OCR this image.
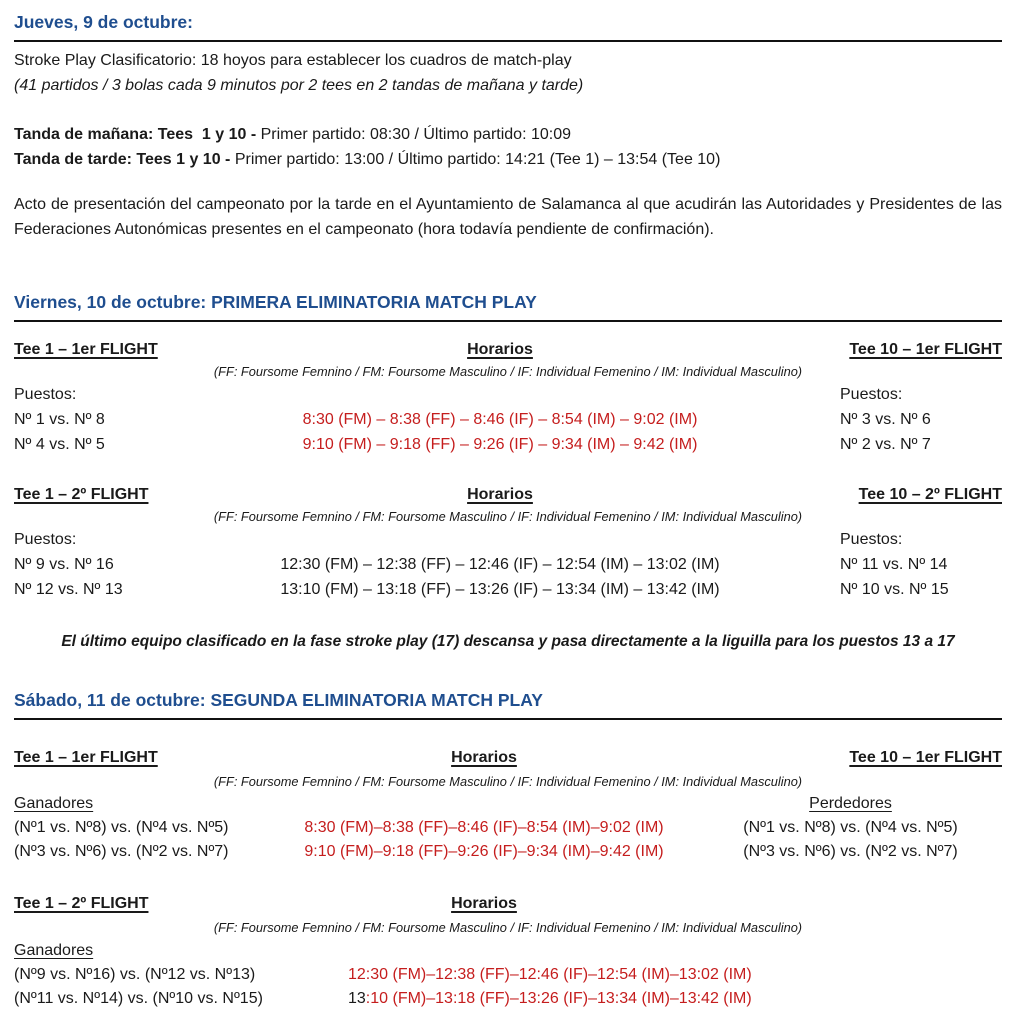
Jueves, 9 de octubre:

Stroke Play Clasificatorio: 18 hoyos para establecer los cuadros de match-play

(41 partidos / 3 bolas cada 9 minutos por 2 tees en 2 tandas de mañana y tarde)

Tanda de mañana: Tees  1 y 10 - Primer partido: 08:30 / Último partido: 10:09

Tanda de tarde: Tees 1 y 10 - Primer partido: 13:00 / Último partido: 14:21 (Tee 1) – 13:54 (Tee 10)

Acto de presentación del campeonato por la tarde en el Ayuntamiento de Salamanca al que acudirán las Autoridades y Presidentes de las Federaciones Autonómicas presentes en el campeonato (hora todavía pendiente de confirmación).

Viernes, 10 de octubre: PRIMERA ELIMINATORIA MATCH PLAY
Tee 1 – 1er FLIGHT	Horarios	Tee 10 – 1er FLIGHT
(FF: Foursome Femnino / FM: Foursome Masculino / IF: Individual Femenino / IM: Individual Masculino)
Puestos:	Puestos:
Nº 1 vs. Nº 8	8:30 (FM) – 8:38 (FF) – 8:46 (IF) – 8:54 (IM) – 9:02 (IM)	Nº 3 vs. Nº 6
Nº 4 vs. Nº 5	9:10 (FM) – 9:18 (FF) – 9:26 (IF) – 9:34 (IM) – 9:42 (IM)	Nº 2 vs. Nº 7
Tee 1 – 2º FLIGHT	Horarios	Tee 10 – 2º FLIGHT
(FF: Foursome Femnino / FM: Foursome Masculino / IF: Individual Femenino / IM: Individual Masculino)
Puestos:	Puestos:
Nº 9 vs. Nº 16	12:30 (FM) – 12:38 (FF) – 12:46 (IF) – 12:54 (IM) – 13:02 (IM)	Nº 11 vs. Nº 14
Nº 12 vs. Nº 13	13:10 (FM) – 13:18 (FF) – 13:26 (IF) – 13:34 (IM) – 13:42 (IM)	Nº 10 vs. Nº 15

El último equipo clasificado en la fase stroke play (17) descansa y pasa directamente a la liguilla para los puestos 13 a 17

Sábado, 11 de octubre: SEGUNDA ELIMINATORIA MATCH PLAY
Tee 1 – 1er FLIGHT	Horarios	Tee 10 – 1er FLIGHT
(FF: Foursome Femnino / FM: Foursome Masculino / IF: Individual Femenino / IM: Individual Masculino)
Ganadores	Perdedores
(Nº1 vs. Nº8) vs. (Nº4 vs. Nº5)	8:30 (FM)–8:38 (FF)–8:46 (IF)–8:54 (IM)–9:02 (IM)	(Nº1 vs. Nº8) vs. (Nº4 vs. Nº5)
(Nº3 vs. Nº6) vs. (Nº2 vs. Nº7)	9:10 (FM)–9:18 (FF)–9:26 (IF)–9:34 (IM)–9:42 (IM)	(Nº3 vs. Nº6) vs. (Nº2 vs. Nº7)
Tee 1 – 2º FLIGHT	Horarios
(FF: Foursome Femnino / FM: Foursome Masculino / IF: Individual Femenino / IM: Individual Masculino)
Ganadores
(Nº9 vs. Nº16) vs. (Nº12 vs. Nº13)	12:30 (FM)–12:38 (FF)–12:46 (IF)–12:54 (IM)–13:02 (IM)
(Nº11 vs. Nº14) vs. (Nº10 vs. Nº15)	13:10 (FM)–13:18 (FF)–13:26 (IF)–13:34 (IM)–13:42 (IM)
